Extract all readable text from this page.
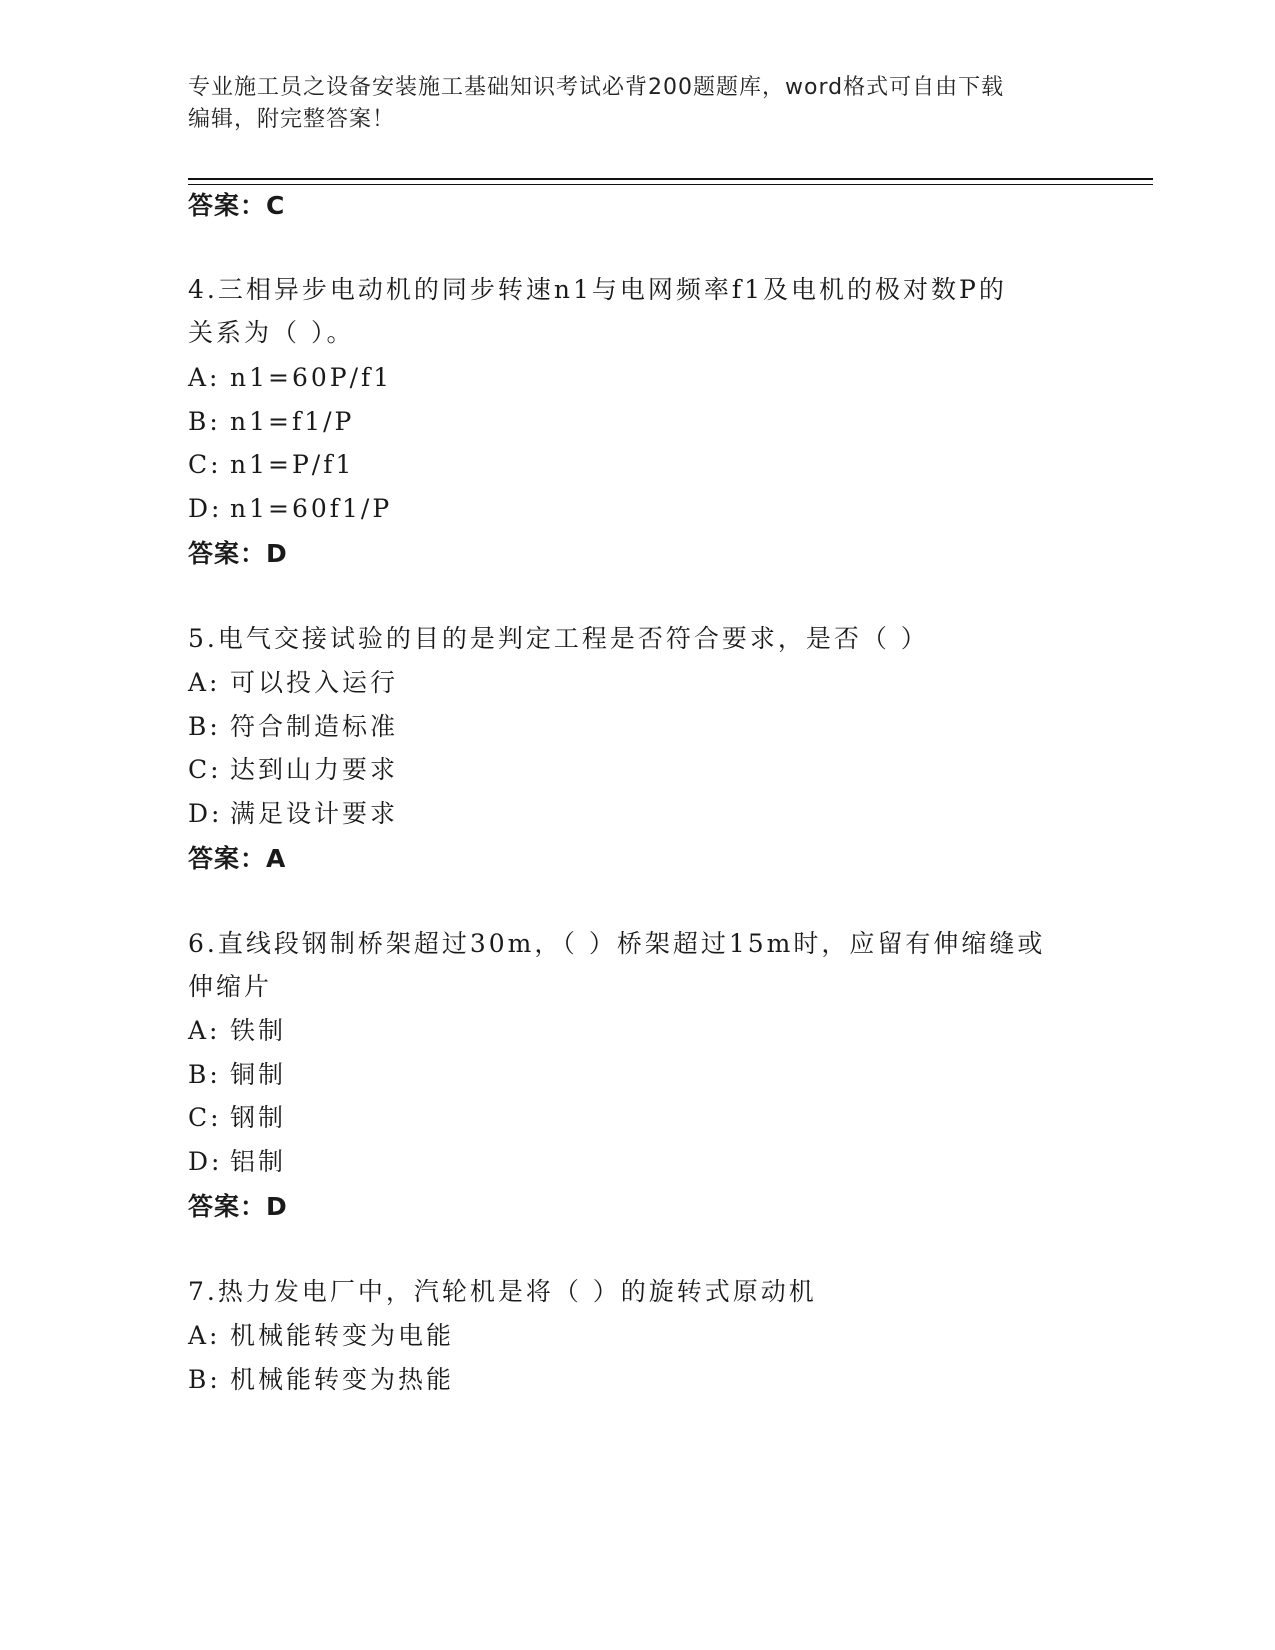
专业施工员之设备安装施工基础知识考试必背200题题库，word格式可自由下载
编辑，附完整答案！
答案：C
4.三相异步电动机的同步转速n1与电网频率f1及电机的极对数P的
关系为（ ）。
A: n1=60P/f1
B: n1=f1/P
C: n1=P/f1
D: n1=60f1/P
答案：D
5.电气交接试验的目的是判定工程是否符合要求，是否（ ）
A: 可以投入运行
B: 符合制造标准
C: 达到山力要求
D: 满足设计要求
答案：A
6.直线段钢制桥架超过30m，（ ）桥架超过15m时，应留有伸缩缝或
伸缩片
A: 铁制
B: 铜制
C: 钢制
D: 铝制
答案：D
7.热力发电厂中，汽轮机是将（ ）的旋转式原动机
A: 机械能转变为电能
B: 机械能转变为热能
